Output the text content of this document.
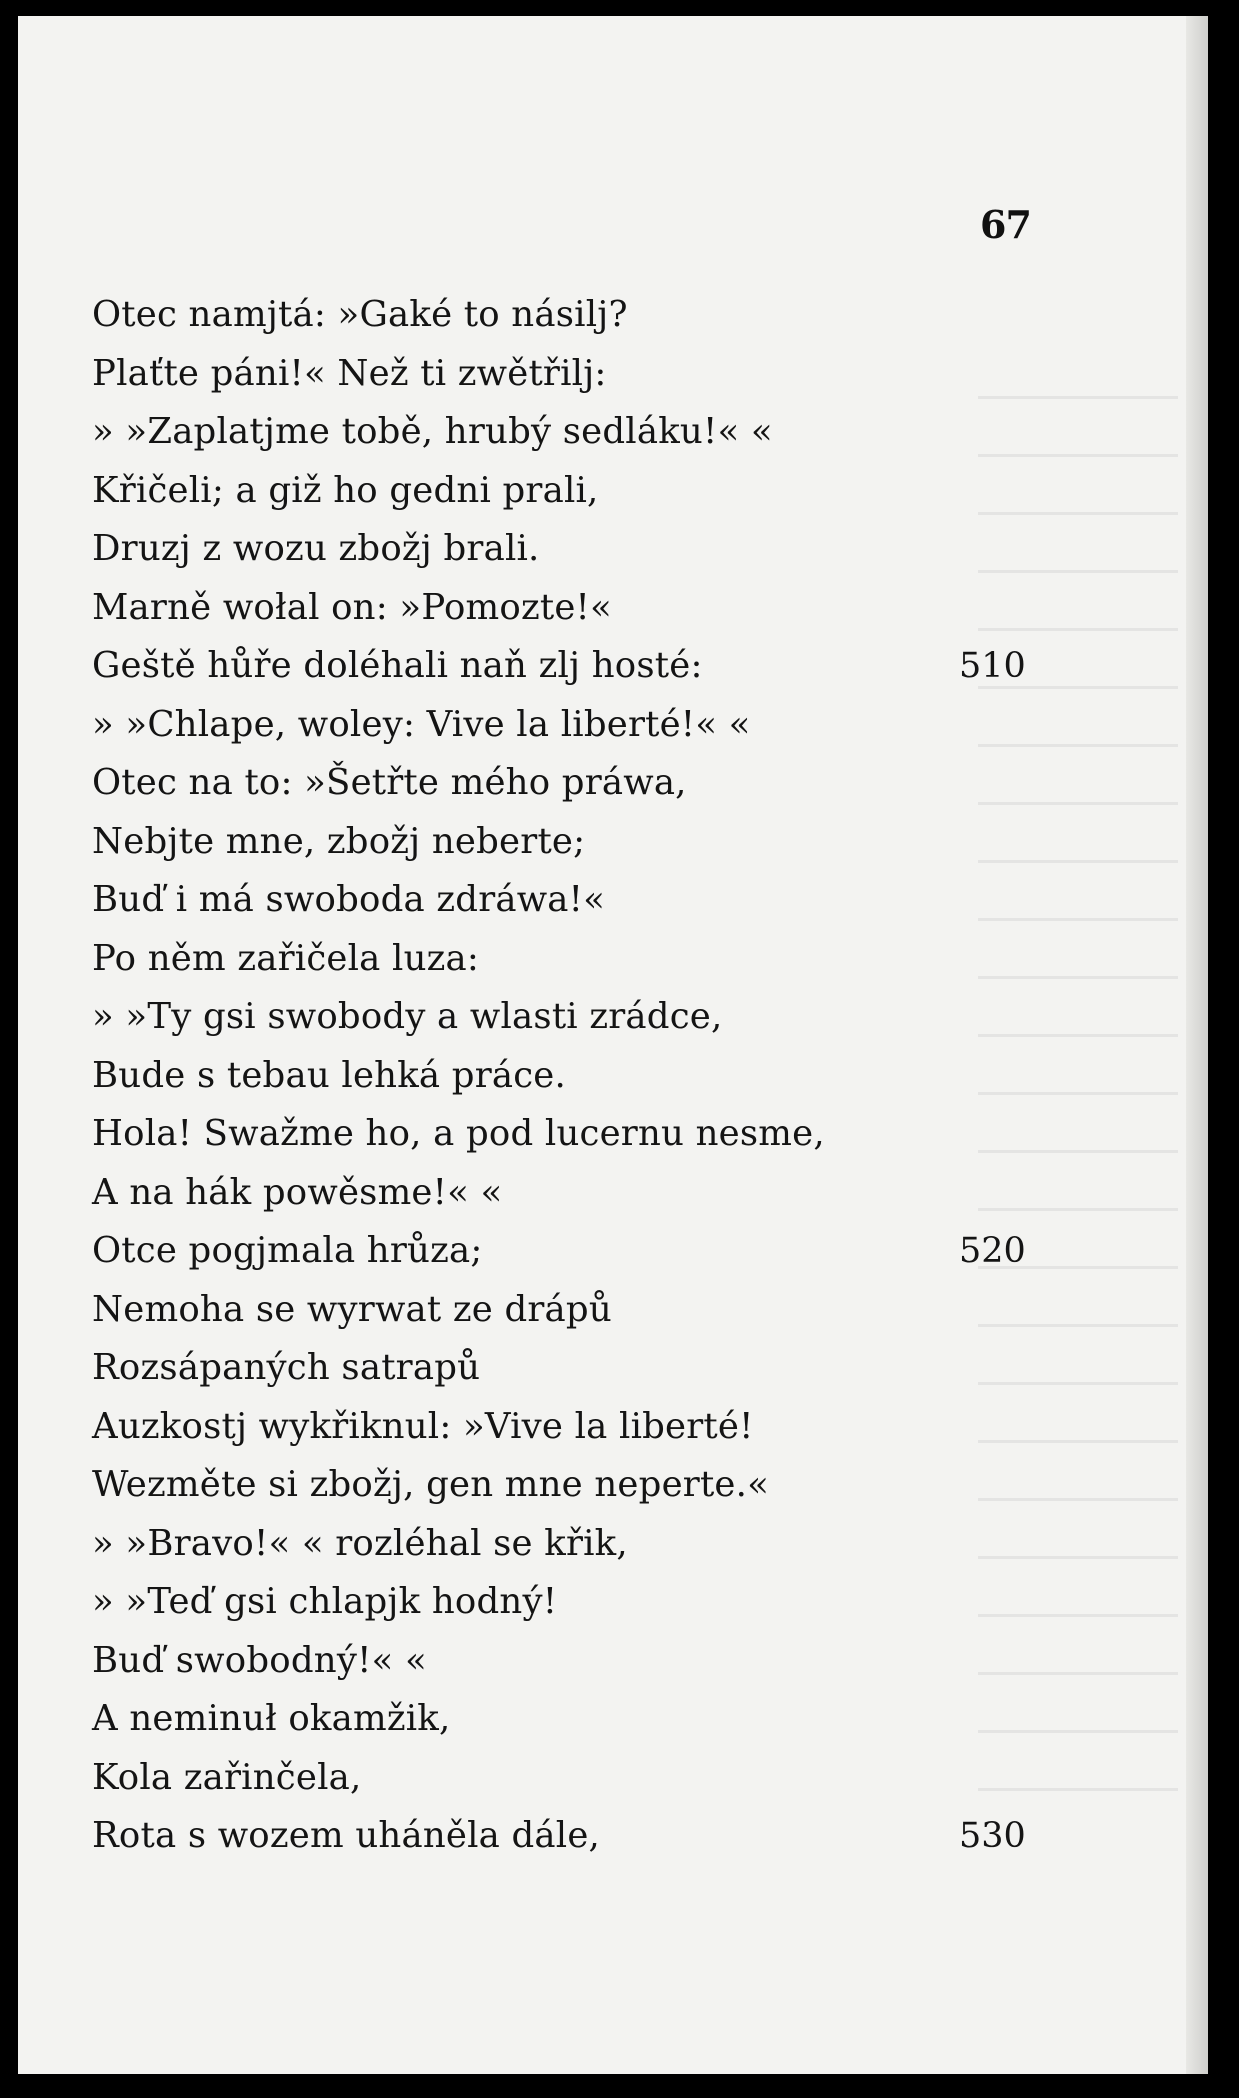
67
Otec namjtá: »Gaké to násilj?
Plaťte páni!« Než ti zwětřilj:
» »Zaplatjme tobě, hrubý sedláku!« «
Křičeli; a giž ho gedni prali,
Druzj z wozu zbožj brali.
Marně wołal on: »Pomozte!«
Geště hůře doléhali naň zlj hosté:	510
» »Chlape, woley: Vive la liberté!« «
Otec na to: »Šetřte mého práwa,
Nebjte mne, zbožj neberte;
Buď i má swoboda zdráwa!«
Po něm zařičela luza:
» »Ty gsi swobody a wlasti zrádce,
Bude s tebau lehká práce.
Hola! Swažme ho, a pod lucernu nesme,
A na hák powěsme!« «
Otce pogjmala hrůza;	520
Nemoha se wyrwat ze drápů
Rozsápaných satrapů
Auzkostj wykřiknul: »Vive la liberté!
Wezměte si zbožj, gen mne neperte.«
» »Bravo!« « rozléhal se křik,
» »Teď gsi chlapjk hodný!
Buď swobodný!« «
A neminuł okamžik,
Kola zařinčela,
Rota s wozem uháněla dále,	530
